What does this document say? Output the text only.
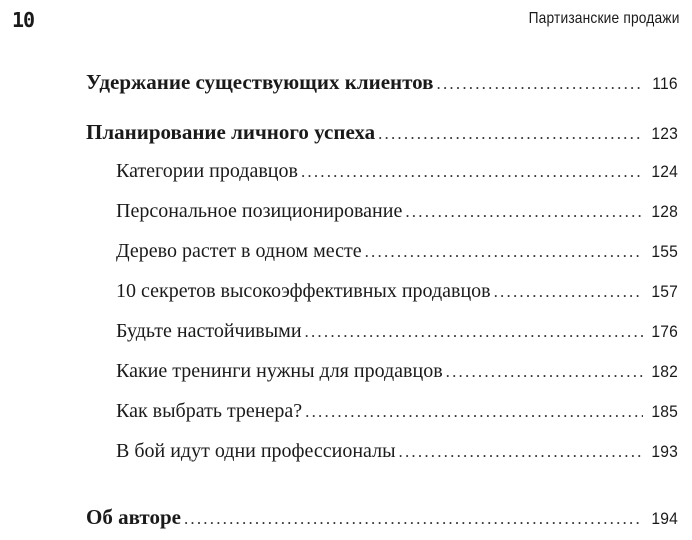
10	Партизанские продажи
Удержание существующих клиентов .....	116
Планирование личного успеха .....	123
Категории продавцов .....	124
Персональное позиционирование .....	128
Дерево растет в одном месте .....	155
10 секретов высокоэффективных продавцов .....	157
Будьте настойчивыми .....	176
Какие тренинги нужны для продавцов .....	182
Как выбрать тренера? .....	185
В бой идут одни профессионалы .....	193
Об авторе .....	194
